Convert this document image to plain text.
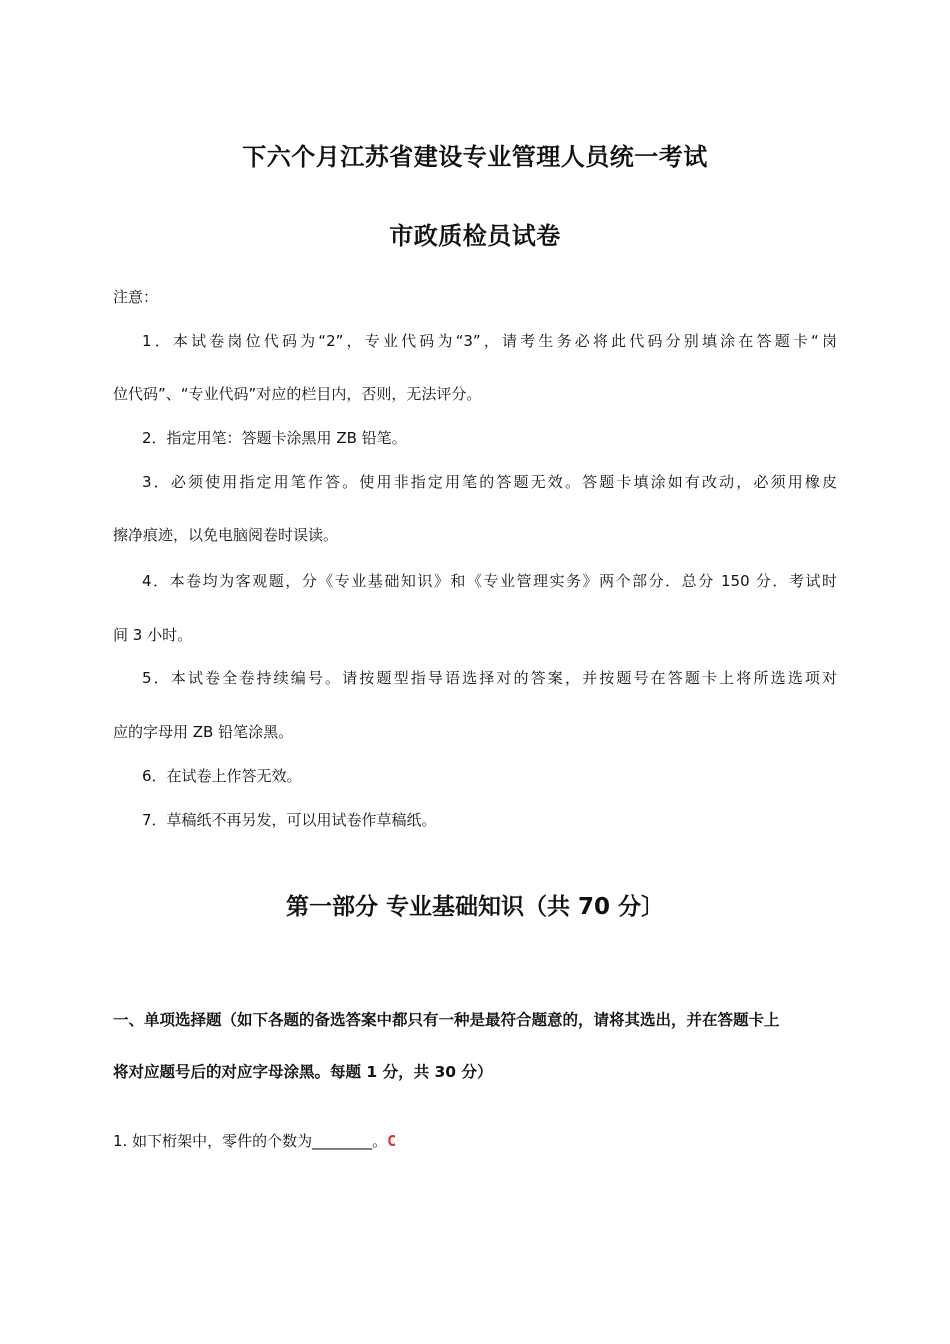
下六个月江苏省建设专业管理人员统一考试
市政质检员试卷
注意：
1．本试卷岗位代码为“2”，专业代码为“3”，请考生务必将此代码分别填涂在答题卡“岗
位代码”、“专业代码”对应的栏目内，否则，无法评分。
2．指定用笔：答题卡涂黑用 ZB 铅笔。
3．必须使用指定用笔作答。使用非指定用笔的答题无效。答题卡填涂如有改动，必须用橡皮
擦净痕迹，以免电脑阅卷时误读。
4．本卷均为客观题，分《专业基础知识》和《专业管理实务》两个部分．总分 150 分．考试时
间 3 小时。
5．本试卷全卷持续编号。请按题型指导语选择对的答案，并按题号在答题卡上将所选选项对
应的字母用 ZB 铅笔涂黑。
6．在试卷上作答无效。
7．草稿纸不再另发，可以用试卷作草稿纸。
第一部分 专业基础知识（共 70 分〕
一、单项选择题（如下各题的备选答案中都只有一种是最符合题意的，请将其选出，并在答题卡上
将对应题号后的对应字母涂黑。每题 1 分，共 30 分）
1. 如下桁架中，零件的个数为________。C
